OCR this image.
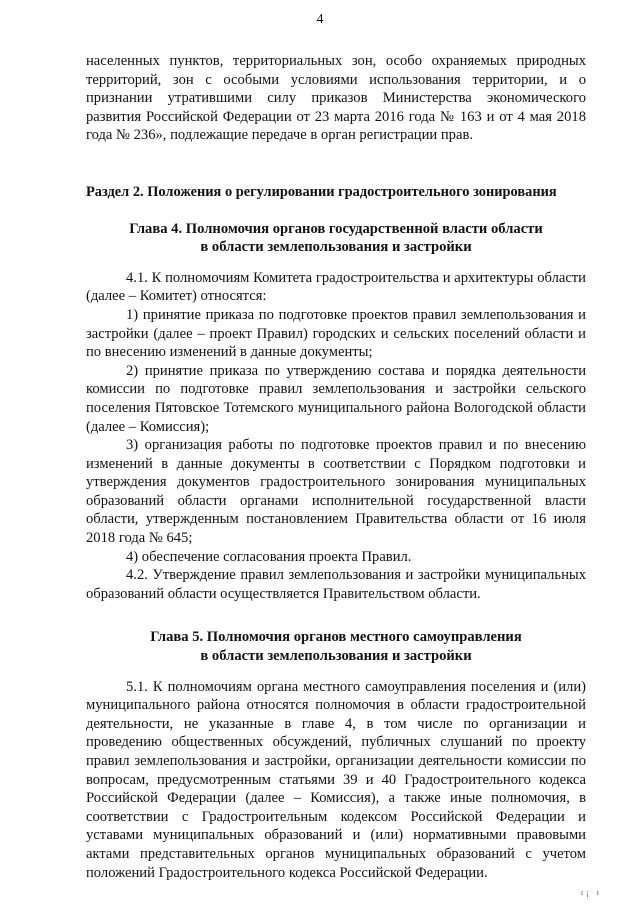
4

населенных пунктов, территориальных зон, особо охраняемых природных территорий, зон с особыми условиями использования территории, и о признании утратившими силу приказов Министерства экономического развития Российской Федерации от 23 марта 2016 года № 163 и от 4 мая 2018 года № 236», подлежащие передаче в орган регистрации прав.

Раздел 2. Положения о регулировании градостроительного зонирования

Глава 4. Полномочия органов государственной власти области
в области землепользования и застройки

4.1. К полномочиям Комитета градостроительства и архитектуры области (далее – Комитет) относятся:

1) принятие приказа по подготовке проектов правил землепользования и застройки (далее – проект Правил) городских и сельских поселений области и по внесению изменений в данные документы;

2) принятие приказа по утверждению состава и порядка деятельности комиссии по подготовке правил землепользования и застройки сельского поселения Пятовское Тотемского муниципального района Вологодской области (далее – Комиссия);

3) организация работы по подготовке проектов правил и по внесению изменений в данные документы в соответствии с Порядком подготовки и утверждения документов градостроительного зонирования муниципальных образований области органами исполнительной государственной власти области, утвержденным постановлением Правительства области от 16 июля 2018 года № 645;

4) обеспечение согласования проекта Правил.

4.2. Утверждение правил землепользования и застройки муниципальных образований области осуществляется Правительством области.

Глава 5. Полномочия органов местного самоуправления
в области землепользования и застройки

5.1. К полномочиям органа местного самоуправления поселения и (или) муниципального района относятся полномочия в области градостроительной деятельности, не указанные в главе 4, в том числе по организации и проведению общественных обсуждений, публичных слушаний по проекту правил землепользования и застройки, организации деятельности комиссии по вопросам, предусмотренным статьями 39 и 40 Градостроительного кодекса Российской Федерации (далее – Комиссия), а также иные полномочия, в соответствии с Градостроительным кодексом Российской Федерации и уставами муниципальных образований и (или) нормативными правовыми актами представительных органов муниципальных образований с учетом положений Градостроительного кодекса Российской Федерации.

ı¡ ı
